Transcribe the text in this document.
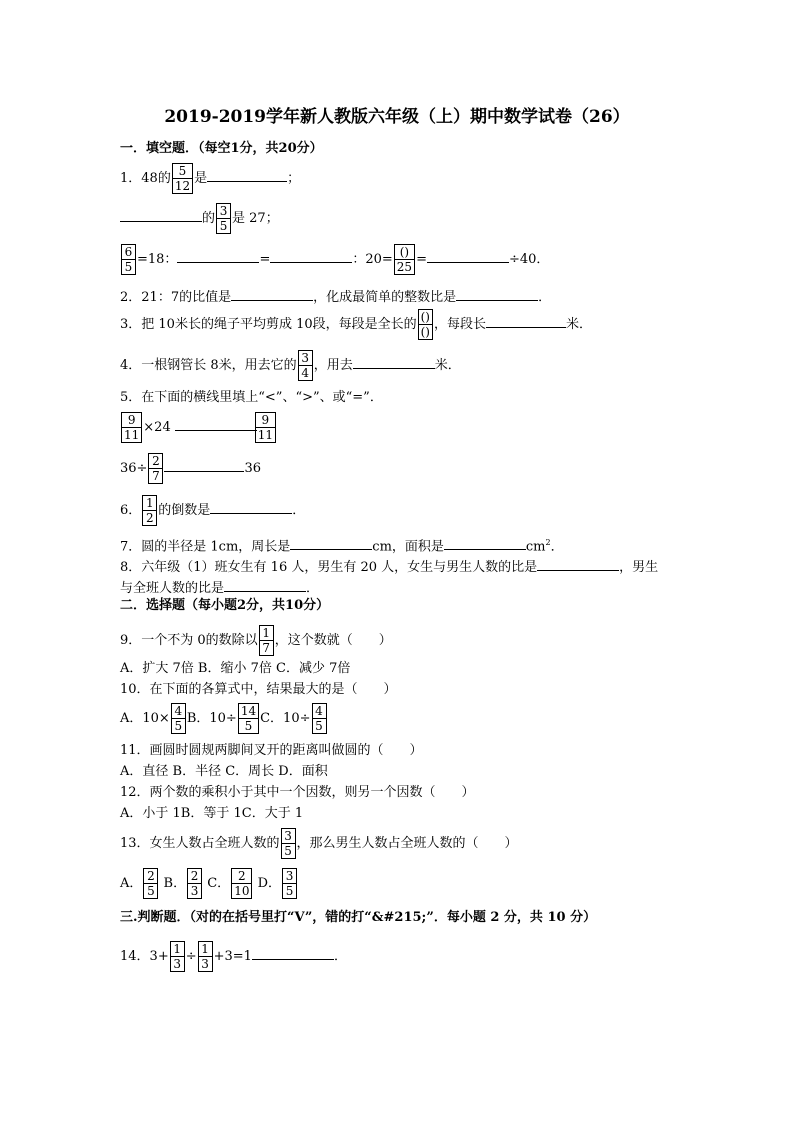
2019-2019学年新人教版六年级（上）期中数学试卷（26）
一．填空题．（每空1分，共20分）
1．48的 $\frac{5}{12}$ 是	；
的 $\frac{3}{5}$ 是 27；
$\frac{6}{5} =18$：	=	：20= ()
25 =	÷40．
2．21：7的比值是	，化成最简单的整数比是	．
3．把 10米长的绳子平均剪成 10段，每段是全长的 ()
() ，每段长	米．
4．一根钢管长 8米，用去它的 $\frac{3}{4}$ ，用去	米．
5．在下面的横线里填上“<”、“>”、或“=”．
$\frac{9}{11} \times 24$	$\frac{9}{11}$
$36\div \frac{2}{7}$	36
6． $\frac{1}{2}$ 的倒数是	．
7．圆的半径是 1cm，周长是	cm，面积是	$cm^2$．
8．六年级（1）班女生有 16 人，男生有 20 人，女生与男生人数的比是	，男生
与全班人数的比是	．
二．选择题（每小题2分，共10分）
9．一个不为 0的数除以 $\frac{1}{7}$ ，这个数就（　　）
A．扩大 7倍 B．缩小 7倍 C．减少 7倍
10．在下面的各算式中，结果最大的是（　　）
A．$10\times \frac{4}{5}$ B．$10\div \frac{14}{5}$ C．$10\div \frac{4}{5}$
11．画圆时圆规两脚间叉开的距离叫做圆的（　　）
A．直径 B．半径 C．周长 D．面积
12．两个数的乘积小于其中一个因数，则另一个因数（　　）
A．小于 1B．等于 1C．大于 1
13．女生人数占全班人数的 $\frac{3}{5}$ ，那么男生人数占全班人数的（　　）
A． $\frac{2}{5}$ B． $\frac{2}{3}$ C． $\frac{2}{10}$ D． $\frac{3}{5}$
三.判断题．（对的在括号里打“V”，错的打“&#215;”．每小题 2 分，共 10 分）
14．$3+ \frac{1}{3} \div \frac{1}{3} +3=1$	．
